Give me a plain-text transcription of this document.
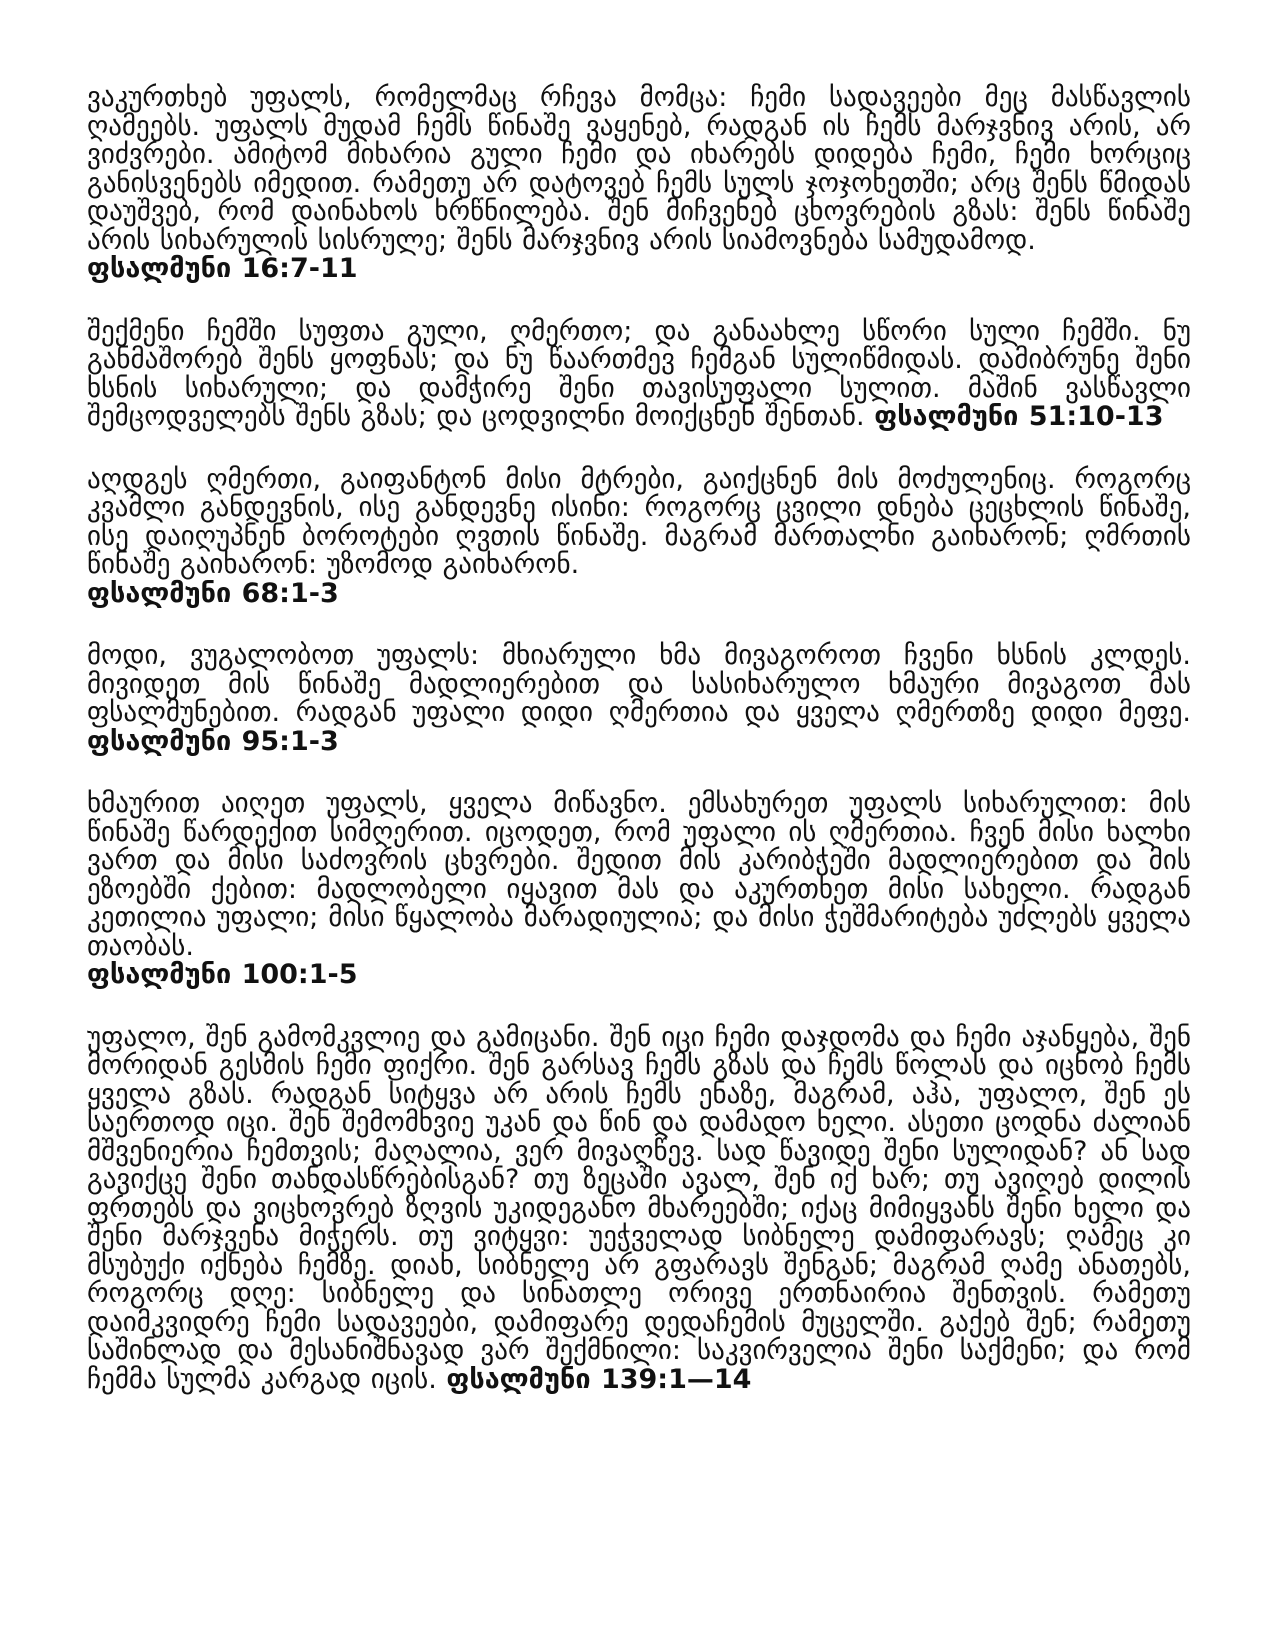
ვაკურთხებ უფალს, რომელმაც რჩევა მომცა: ჩემი სადავეები მეც მასწავლის ღამეებს. უფალს მუდამ ჩემს წინაშე ვაყენებ, რადგან ის ჩემს მარჯვნივ არის, არ ვიძვრები. ამიტომ მიხარია გული ჩემი და იხარებს დიდება ჩემი, ჩემი ხორციც განისვენებს იმედით. რამეთუ არ დატოვებ ჩემს სულს ჯოჯოხეთში; არც შენს წმიდას დაუშვებ, რომ დაინახოს ხრწნილება. შენ მიჩვენებ ცხოვრების გზას: შენს წინაშე არის სიხარულის სისრულე; შენს მარჯვნივ არის სიამოვნება სამუდამოდ.
ფსალმუნი 16:7-11

შექმენი ჩემში სუფთა გული, ღმერთო; და განაახლე სწორი სული ჩემში. ნუ განმაშორებ შენს ყოფნას; და ნუ წაართმევ ჩემგან სულიწმიდას. დამიბრუნე შენი ხსნის სიხარული; და დამჭირე შენი თავისუფალი სულით. მაშინ ვასწავლი შემცოდველებს შენს გზას; და ცოდვილნი მოიქცნენ შენთან. ფსალმუნი 51:10-13

აღდგეს ღმერთი, გაიფანტონ მისი მტრები, გაიქცნენ მის მოძულენიც. როგორც კვამლი განდევნის, ისე განდევნე ისინი: როგორც ცვილი დნება ცეცხლის წინაშე, ისე დაიღუპნენ ბოროტები ღვთის წინაშე. მაგრამ მართალნი გაიხარონ; ღმრთის წინაშე გაიხარონ: უზომოდ გაიხარონ.
ფსალმუნი 68:1-3

მოდი, ვუგალობოთ უფალს: მხიარული ხმა მივაგოროთ ჩვენი ხსნის კლდეს. მივიდეთ მის წინაშე მადლიერებით და სასიხარულო ხმაური მივაგოთ მას ფსალმუნებით. რადგან უფალი დიდი ღმერთია და ყველა ღმერთზე დიდი მეფე. ფსალმუნი 95:1-3

ხმაურით აიღეთ უფალს, ყველა მიწავნო. ემსახურეთ უფალს სიხარულით: მის წინაშე წარდექით სიმღერით. იცოდეთ, რომ უფალი ის ღმერთია. ჩვენ მისი ხალხი ვართ და მისი საძოვრის ცხვრები. შედით მის კარიბჭეში მადლიერებით და მის ეზოებში ქებით: მადლობელი იყავით მას და აკურთხეთ მისი სახელი. რადგან კეთილია უფალი; მისი წყალობა მარადიულია; და მისი ჭეშმარიტება უძლებს ყველა თაობას.
ფსალმუნი 100:1-5

უფალო, შენ გამომკვლიე და გამიცანი. შენ იცი ჩემი დაჯდომა და ჩემი აჯანყება, შენ მორიდან გესმის ჩემი ფიქრი. შენ გარსავ ჩემს გზას და ჩემს წოლას და იცნობ ჩემს ყველა გზას. რადგან სიტყვა არ არის ჩემს ენაზე, მაგრამ, აჰა, უფალო, შენ ეს საერთოდ იცი. შენ შემომხვიე უკან და წინ და დამადო ხელი. ასეთი ცოდნა ძალიან მშვენიერია ჩემთვის; მაღალია, ვერ მივაღწევ. სად წავიდე შენი სულიდან? ან სად გავიქცე შენი თანდასწრებისგან? თუ ზეცაში ავალ, შენ იქ ხარ; თუ ავიღებ დილის ფრთებს და ვიცხოვრებ ზღვის უკიდეგანო მხარეებში; იქაც მიმიყვანს შენი ხელი და შენი მარჯვენა მიჭერს. თუ ვიტყვი: უეჭველად სიბნელე დამიფარავს; ღამეც კი მსუბუქი იქნება ჩემზე. დიახ, სიბნელე არ გფარავს შენგან; მაგრამ ღამე ანათებს, როგორც დღე: სიბნელე და სინათლე ორივე ერთნაირია შენთვის. რამეთუ დაიმკვიდრე ჩემი სადავეები, დამიფარე დედაჩემის მუცელში. გაქებ შენ; რამეთუ საშინლად და მესანიშნავად ვარ შექმნილი: საკვირველია შენი საქმენი; და რომ ჩემმა სულმა კარგად იცის. ფსალმუნი 139:1—14
